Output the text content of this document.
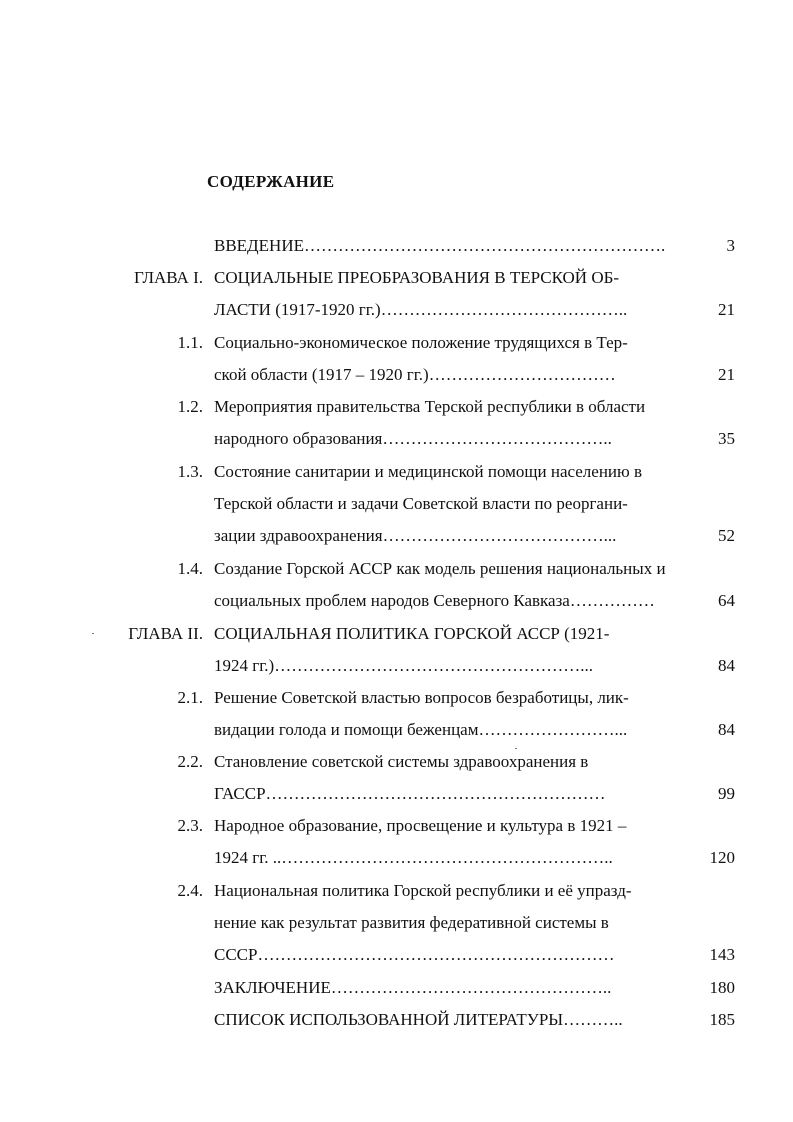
СОДЕРЖАНИЕ
ВВЕДЕНИЕ……………………………………………………….	3
ГЛАВА I. СОЦИАЛЬНЫЕ ПРЕОБРАЗОВАНИЯ В ТЕРСКОЙ ОБ-
ЛАСТИ (1917-1920 гг.)……………………………………..	21
1.1. Социально-экономическое положение трудящихся в Тер-
ской области (1917 – 1920 гг.)……………………………	21
1.2. Мероприятия правительства Терской республики в области
народного образования…………………………………..	35
1.3. Состояние санитарии и медицинской помощи населению в
Терской области и задачи Советской власти по реоргани-
зации здравоохранения…………………………………...	52
1.4. Создание Горской АССР как модель решения национальных и
социальных проблем народов Северного Кавказа……………	64
ГЛАВА II. СОЦИАЛЬНАЯ ПОЛИТИКА ГОРСКОЙ АССР (1921-
1924 гг.)………………………………………………...	84
2.1. Решение Советской властью вопросов безработицы, лик-
видации голода и помощи беженцам……………………...	84
2.2. Становление советской системы здравоохранения в
ГАССР……………………………………………………	99
2.3. Народное образование, просвещение и культура в 1921 –
1924 гг. ..…………………………………………………..	120
2.4. Национальная политика Горской республики и её упразд-
нение как результат развития федеративной системы в
СССР………………………………………………………	143
ЗАКЛЮЧЕНИЕ…………………………………………..	180
СПИСОК ИСПОЛЬЗОВАННОЙ ЛИТЕРАТУРЫ………..	185
